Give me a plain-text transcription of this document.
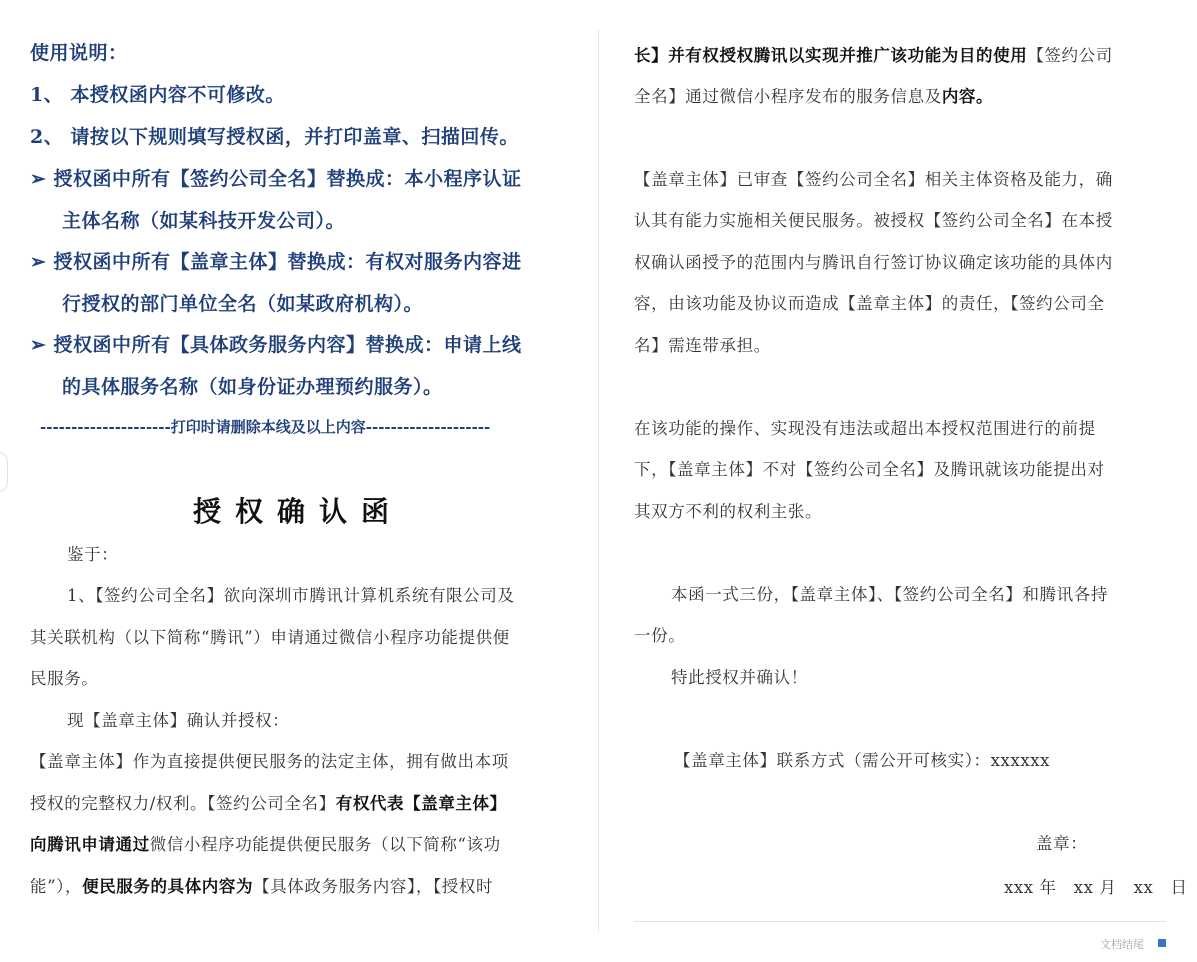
使用说明：
1、 本授权函内容不可修改。
2、 请按以下规则填写授权函，并打印盖章、扫描回传。
➢ 授权函中所有【签约公司全名】替换成：本小程序认证
主体名称（如某科技开发公司）。
➢ 授权函中所有【盖章主体】替换成：有权对服务内容进
行授权的部门单位全名（如某政府机构）。
➢ 授权函中所有【具体政务服务内容】替换成：申请上线
的具体服务名称（如身份证办理预约服务）。
---------------------打印时请删除本线及以上内容--------------------
授权确认函
鉴于：
1、【签约公司全名】欲向深圳市腾讯计算机系统有限公司及
其关联机构（以下简称“腾讯”）申请通过微信小程序功能提供便
民服务。
现【盖章主体】确认并授权：
【盖章主体】作为直接提供便民服务的法定主体，拥有做出本项
授权的完整权力/权利。【签约公司全名】有权代表【盖章主体】
向腾讯申请通过微信小程序功能提供便民服务（以下简称“该功
能”），便民服务的具体内容为【具体政务服务内容】，【授权时
长】并有权授权腾讯以实现并推广该功能为目的使用【签约公司
全名】通过微信小程序发布的服务信息及内容。
【盖章主体】已审查【签约公司全名】相关主体资格及能力，确
认其有能力实施相关便民服务。被授权【签约公司全名】在本授
权确认函授予的范围内与腾讯自行签订协议确定该功能的具体内
容，由该功能及协议而造成【盖章主体】的责任，【签约公司全
名】需连带承担。
在该功能的操作、实现没有违法或超出本授权范围进行的前提
下，【盖章主体】不对【签约公司全名】及腾讯就该功能提出对
其双方不利的权利主张。
本函一式三份，【盖章主体】、【签约公司全名】和腾讯各持
一份。
特此授权并确认！
【盖章主体】联系方式（需公开可核实）：xxxxxx
盖章：
xxx 年　xx 月　xx　日
文档结尾
